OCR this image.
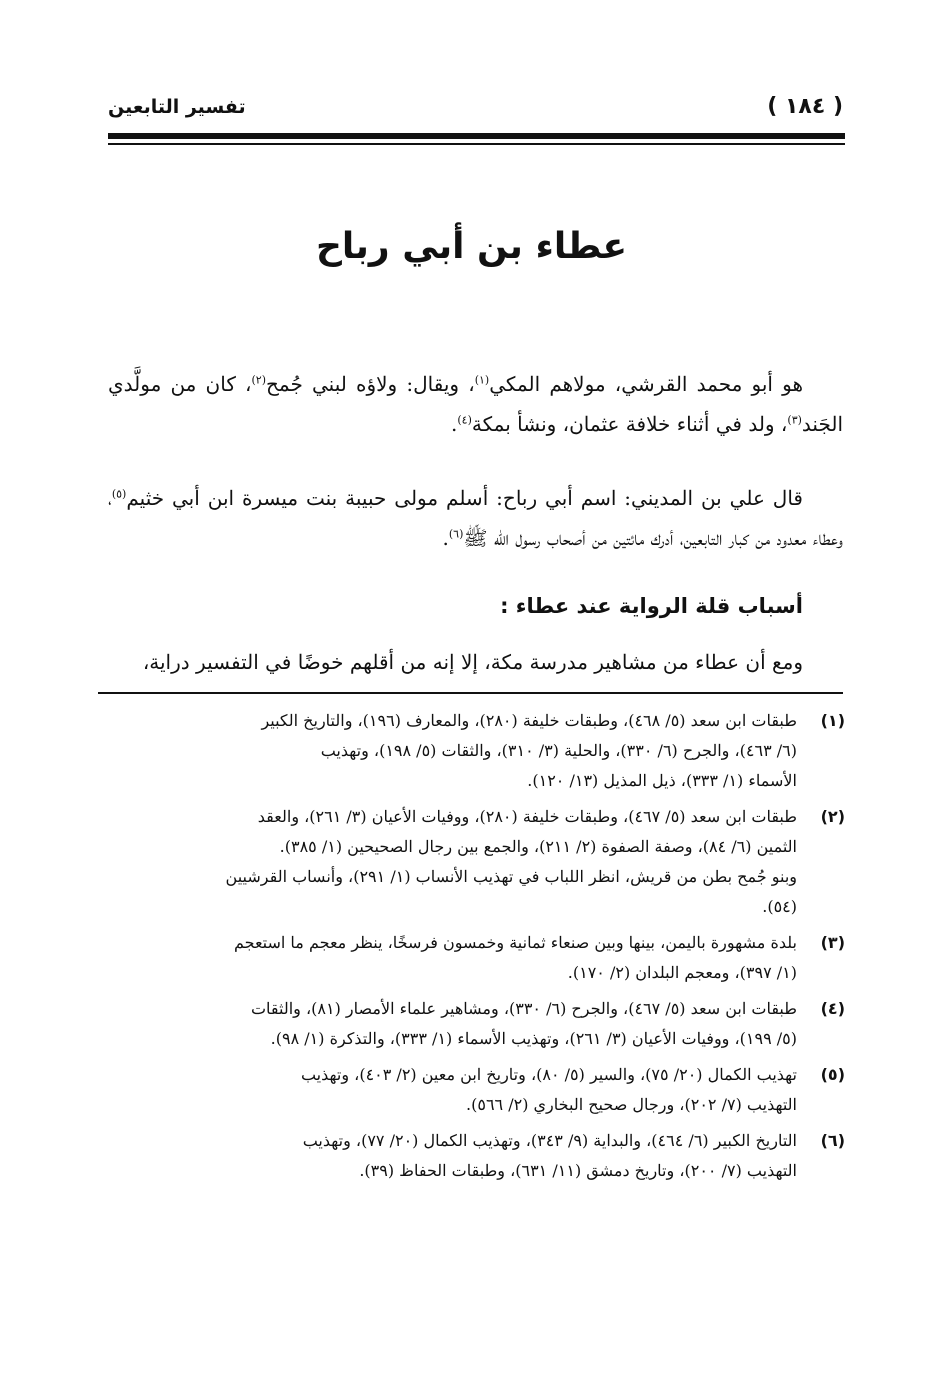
( ١٨٤ )
تفسير التابعين
عطاء بن أبي رباح

هو أبو محمد القرشي، مولاهم المكي$^{(١)}$، ويقال: ولاؤه لبني جُمح$^{(٢)}$، كان من مولَّدي الجَند$^{(٣)}$، ولد في أثناء خلافة عثمان، ونشأ بمكة$^{(٤)}$.

قال علي بن المديني: اسم أبي رباح: أسلم مولى حبيبة بنت ميسرة ابن أبي خثيم$^{(٥)}$، وعطاء معدود من كبار التابعين، أدرك مائتين من أصحاب رسول الله ﷺ$^{(٦)}$.

أسباب قلة الرواية عند عطاء :

ومع أن عطاء من مشاهير مدرسة مكة، إلا إنه من أقلهم خوضًا في التفسير دراية،

(١)
طبقات ابن سعد (٥/ ٤٦٨)، وطبقات خليفة (٢٨٠)، والمعارف (١٩٦)، والتاريخ الكبير
(٦/ ٤٦٣)، والجرح (٦/ ٣٣٠)، والحلية (٣/ ٣١٠)، والثقات (٥/ ١٩٨)، وتهذيب
الأسماء (١/ ٣٣٣)، ذيل المذيل (١٣/ ١٢٠).
(٢)
طبقات ابن سعد (٥/ ٤٦٧)، وطبقات خليفة (٢٨٠)، ووفيات الأعيان (٣/ ٢٦١)، والعقد
الثمين (٦/ ٨٤)، وصفة الصفوة (٢/ ٢١١)، والجمع بين رجال الصحيحين (١/ ٣٨٥).
وبنو جُمح بطن من قريش، انظر اللباب في تهذيب الأنساب (١/ ٢٩١)، وأنساب القرشيين
(٥٤).
(٣)
بلدة مشهورة باليمن، بينها وبين صنعاء ثمانية وخمسون فرسخًا، ينظر معجم ما استعجم
(١/ ٣٩٧)، ومعجم البلدان (٢/ ١٧٠).
(٤)
طبقات ابن سعد (٥/ ٤٦٧)، والجرح (٦/ ٣٣٠)، ومشاهير علماء الأمصار (٨١)، والثقات
(٥/ ١٩٩)، ووفيات الأعيان (٣/ ٢٦١)، وتهذيب الأسماء (١/ ٣٣٣)، والتذكرة (١/ ٩٨).
(٥)
تهذيب الكمال (٢٠/ ٧٥)، والسير (٥/ ٨٠)، وتاريخ ابن معين (٢/ ٤٠٣)، وتهذيب
التهذيب (٧/ ٢٠٢)، ورجال صحيح البخاري (٢/ ٥٦٦).
(٦)
التاريخ الكبير (٦/ ٤٦٤)، والبداية (٩/ ٣٤٣)، وتهذيب الكمال (٢٠/ ٧٧)، وتهذيب
التهذيب (٧/ ٢٠٠)، وتاريخ دمشق (١١/ ٦٣١)، وطبقات الحفاظ (٣٩).
